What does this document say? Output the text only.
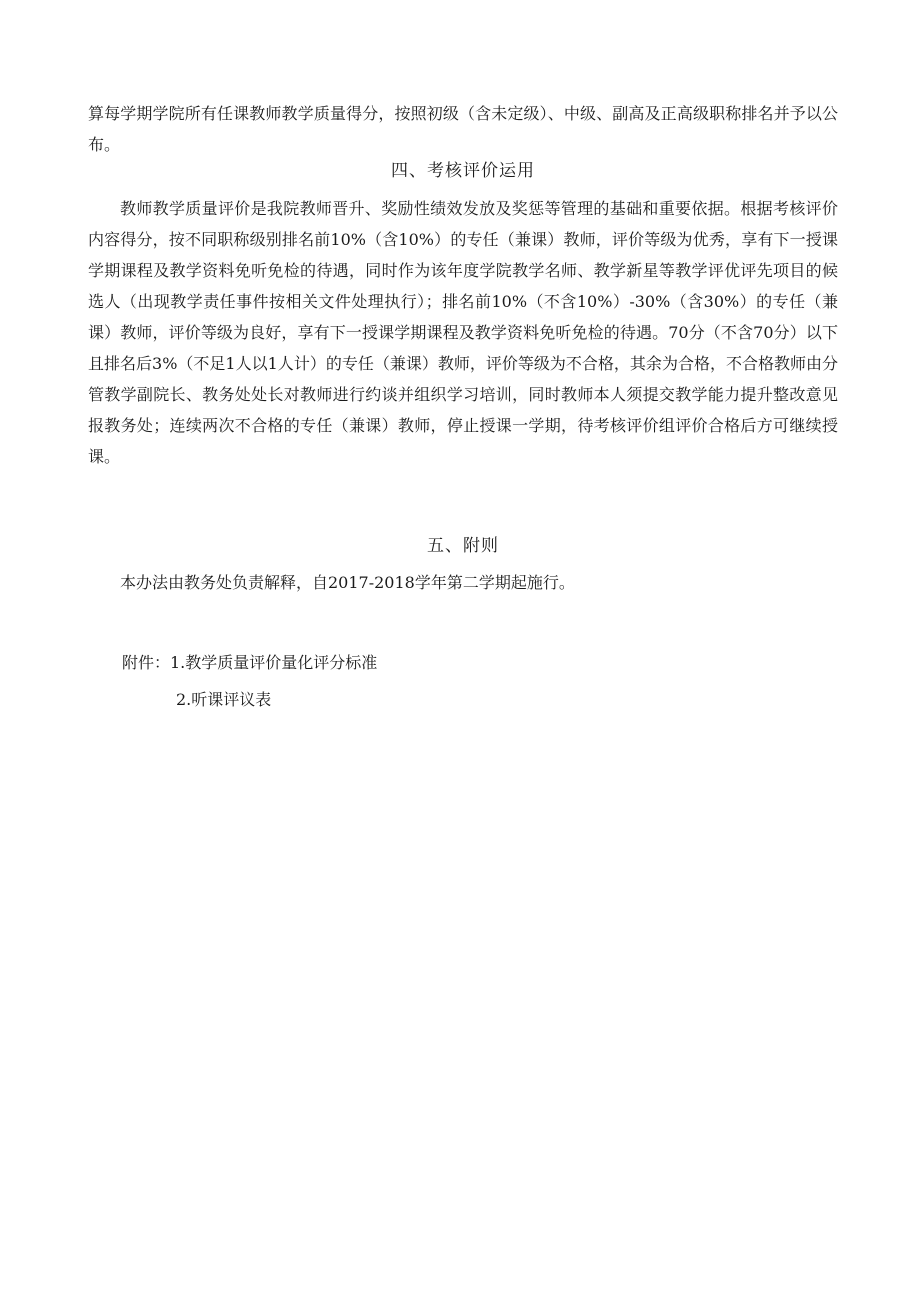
算每学期学院所有任课教师教学质量得分，按照初级（含未定级）、中级、副高及正高级职称排名并予以公布。
四、考核评价运用
教师教学质量评价是我院教师晋升、奖励性绩效发放及奖惩等管理的基础和重要依据。根据考核评价内容得分，按不同职称级别排名前10%（含10%）的专任（兼课）教师，评价等级为优秀，享有下一授课学期课程及教学资料免听免检的待遇，同时作为该年度学院教学名师、教学新星等教学评优评先项目的候选人（出现教学责任事件按相关文件处理执行）；排名前10%（不含10%）-30%（含30%）的专任（兼课）教师，评价等级为良好，享有下一授课学期课程及教学资料免听免检的待遇。70分（不含70分）以下且排名后3%（不足1人以1人计）的专任（兼课）教师，评价等级为不合格，其余为合格，不合格教师由分管教学副院长、教务处处长对教师进行约谈并组织学习培训，同时教师本人须提交教学能力提升整改意见报教务处；连续两次不合格的专任（兼课）教师，停止授课一学期，待考核评价组评价合格后方可继续授课。
五、附则
本办法由教务处负责解释，自2017-2018学年第二学期起施行。
附件：1.教学质量评价量化评分标准
2.听课评议表
